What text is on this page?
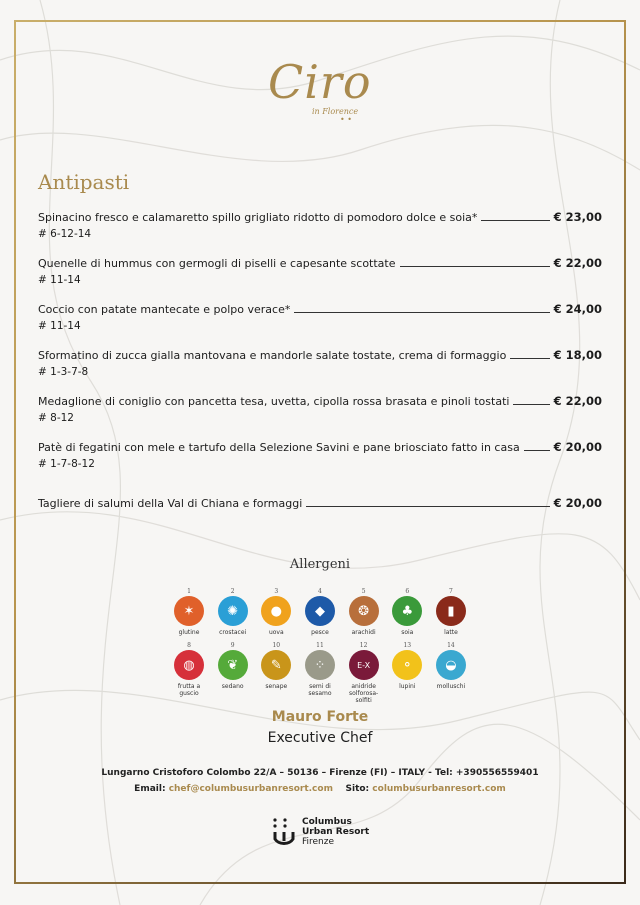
Ciro
in Florence
• •
Antipasti
Spinacino fresco e calamaretto spillo grigliato ridotto di pomodoro dolce e soia*	€ 23,00
# 6-12-14
Quenelle di hummus con germogli di piselli e capesante scottate	€ 22,00
# 11-14
Coccio con patate mantecate e polpo verace*	€ 24,00
# 11-14
Sformatino di zucca gialla mantovana e mandorle salate tostate, crema di formaggio	€ 18,00
# 1-3-7-8
Medaglione di coniglio con pancetta tesa, uvetta, cipolla rossa brasata e pinoli tostati	€ 22,00
# 8-12
Patè di fegatini con mele e tartufo della Selezione Savini e pane briosciato fatto in casa	€ 20,00
# 1-7-8-12
Tagliere di salumi della Val di Chiana e formaggi	€ 20,00
Allergeni
1
✶
glutine
2
✺
crostacei
3
●
uova
4
◆
pesce
5
❂
arachidi
6
♣
soia
7
▮
latte
8
◍
frutta a guscio
9
❦
sedano
10
✎
senape
11
⁘
semi di sesamo
12
E-X
anidride solforosa-solfiti
13
⚬
lupini
14
◒
molluschi
Mauro Forte
Executive Chef
Lungarno Cristoforo Colombo 22/A – 50136 – Firenze (FI) – ITALY - Tel: +390556559401
Email: chef@columbusurbanresort.com Sito: columbusurbanresort.com
Columbus
Urban Resort
Firenze
